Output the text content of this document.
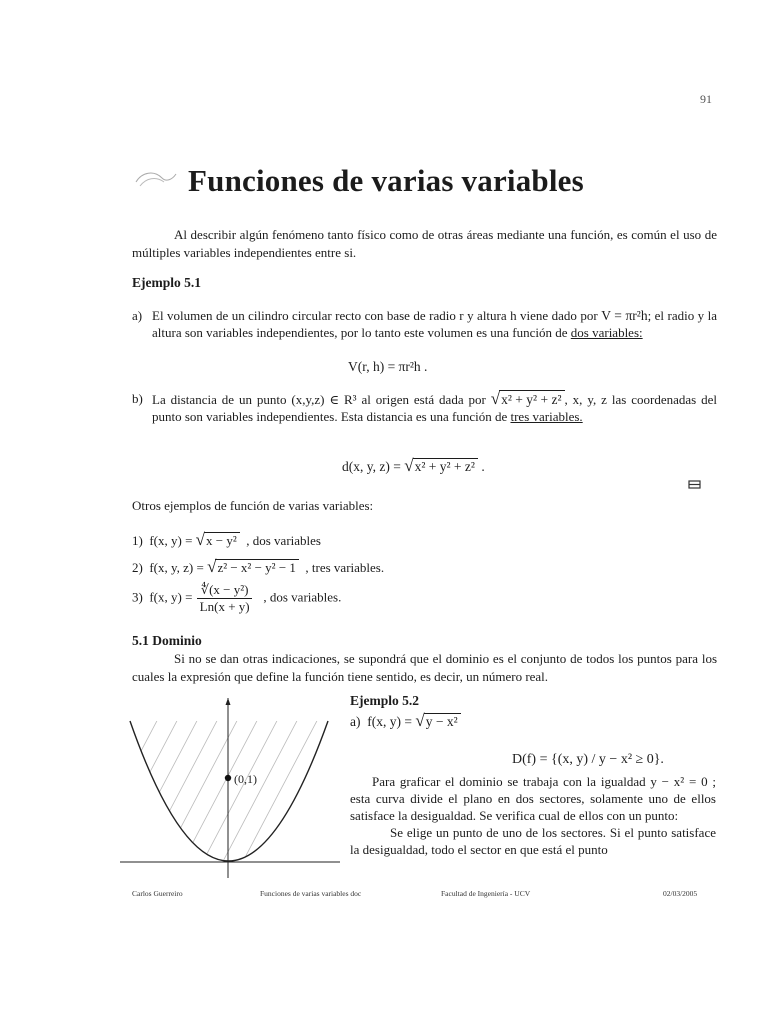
91
Funciones de varias variables
Al describir algún fenómeno tanto físico como de otras áreas mediante una función, es común el uso de múltiples variables independientes entre si.
Ejemplo 5.1
a) El volumen de un cilindro circular recto con base de radio r y altura h viene dado por V = πr²h; el radio y la altura son variables independientes, por lo tanto este volumen es una función de dos variables:
V(r, h) = πr²h .
b) La distancia de un punto (x,y,z) ∈ R³ al origen está dada por √x² + y² + z² , x, y, z las coordenadas del punto son variables independientes. Esta distancia es una función de tres variables.
d(x, y, z) = √x² + y² + z² .
Otros ejemplos de función de varias variables:
1) f(x, y) = √x − y² , dos variables
2) f(x, y, z) = √z² − x² − y² − 1 , tres variables.
3) f(x, $y) = \frac{\text{∜(x − y²)}}{Ln(x + y)}$ , dos variables.
5.1 Dominio
Si no se dan otras indicaciones, se supondrá que el dominio es el conjunto de todos los puntos para los cuales la expresión que define la función tiene sentido, es decir, un número real.
(0,1)
Ejemplo 5.2
a) f(x, y) = √y − x²
D(f) = {(x, y) / y − x² ≥ 0}.
Para graficar el dominio se trabaja con la igualdad y − x² = 0 ; esta curva divide el plano en dos sectores, solamente uno de ellos satisface la desigualdad. Se verifica cual de ellos con un punto:
Se elige un punto de uno de los sectores. Si el punto satisface la desigualdad, todo el sector en que está el punto
Carlos Guerreiro	Funciones de varias variables doc	Facultad de Ingeniería - UCV	02/03/2005
